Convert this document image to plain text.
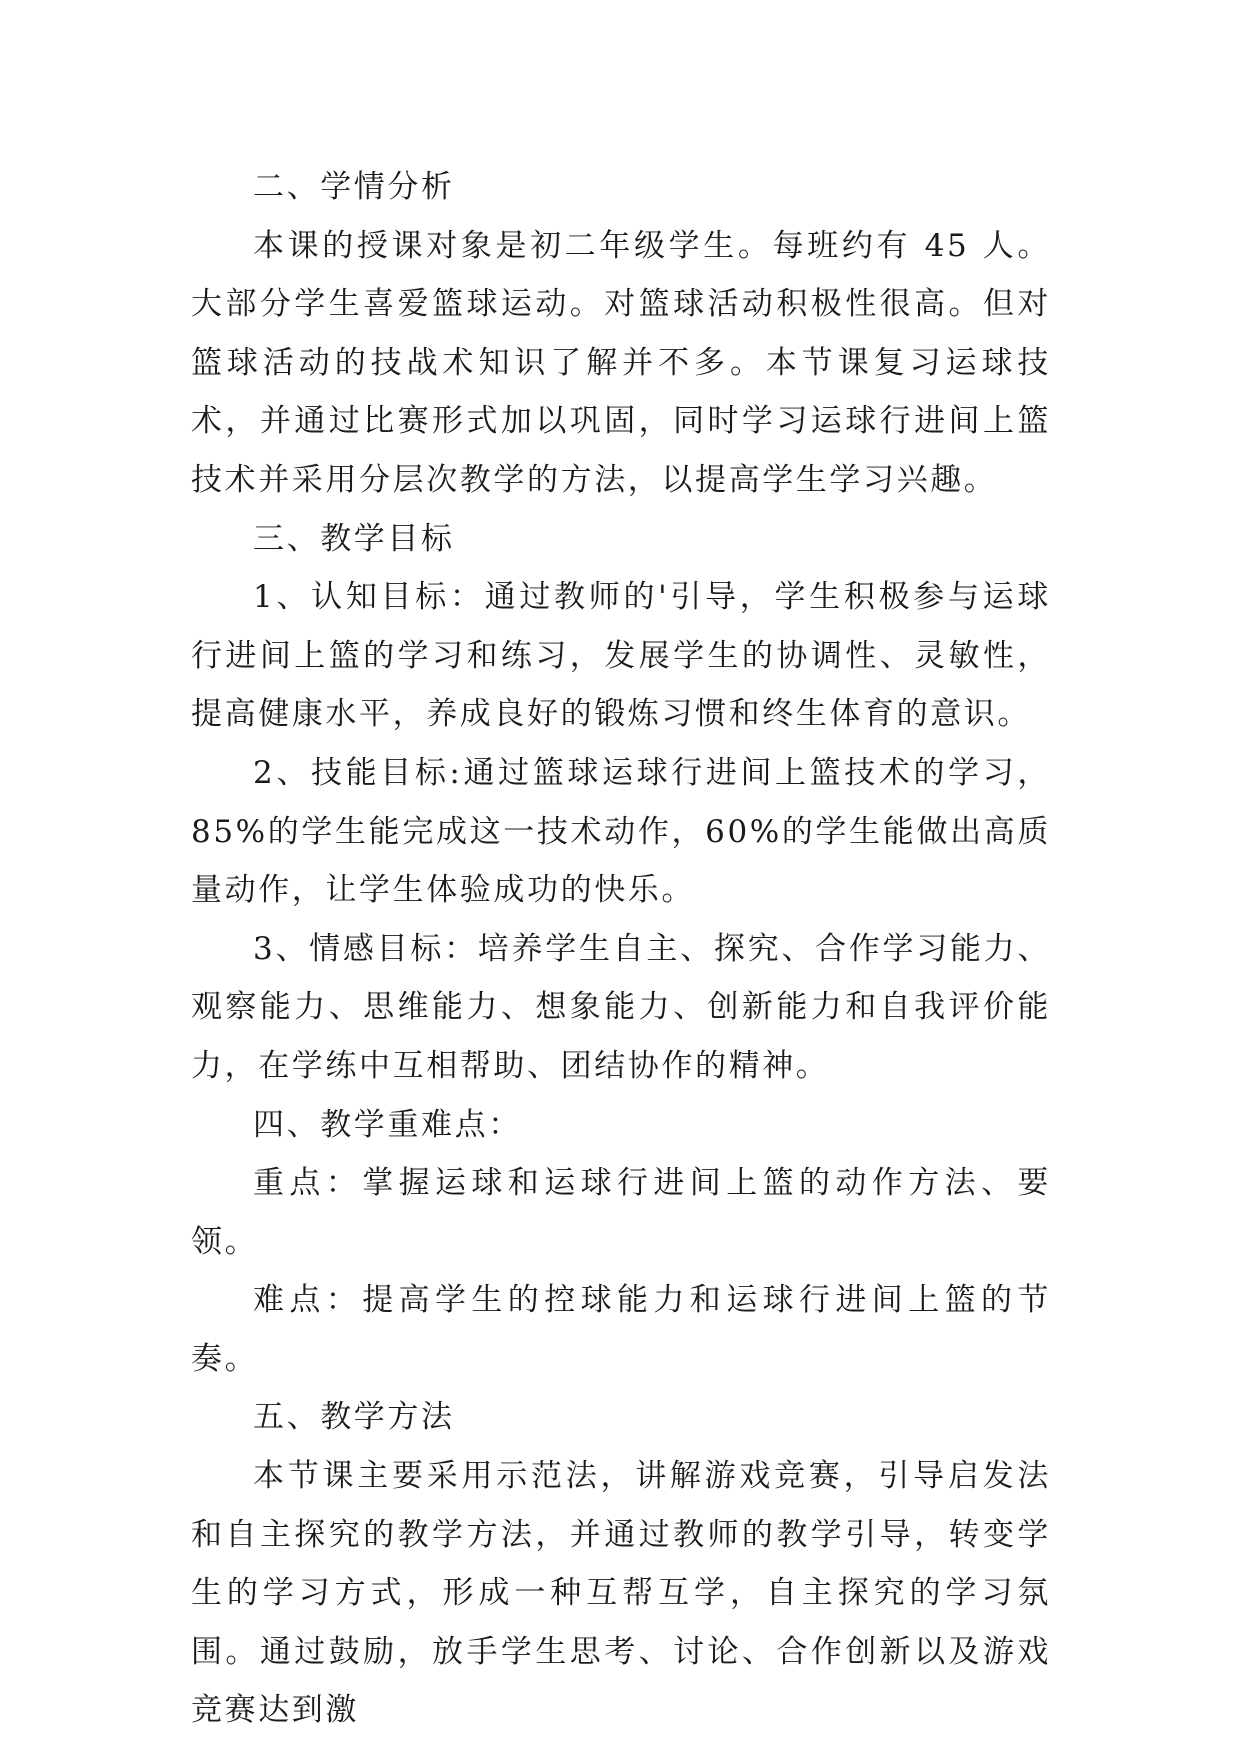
二、学情分析

本课的授课对象是初二年级学生。每班约有 45 人。大部分学生喜爱篮球运动。对篮球活动积极性很高。但对篮球活动的技战术知识了解并不多。本节课复习运球技术，并通过比赛形式加以巩固，同时学习运球行进间上篮技术并采用分层次教学的方法，以提高学生学习兴趣。

三、教学目标

1、认知目标：通过教师的'引导，学生积极参与运球行进间上篮的学习和练习，发展学生的协调性、灵敏性，提高健康水平，养成良好的锻炼习惯和终生体育的意识。

2、技能目标:通过篮球运球行进间上篮技术的学习，85%的学生能完成这一技术动作，60%的学生能做出高质量动作，让学生体验成功的快乐。

3、情感目标：培养学生自主、探究、合作学习能力、观察能力、思维能力、想象能力、创新能力和自我评价能力，在学练中互相帮助、团结协作的精神。

四、教学重难点：

重点：掌握运球和运球行进间上篮的动作方法、要领。

难点：提高学生的控球能力和运球行进间上篮的节奏。

五、教学方法

本节课主要采用示范法，讲解游戏竞赛，引导启发法和自主探究的教学方法，并通过教师的教学引导，转变学生的学习方式，形成一种互帮互学，自主探究的学习氛围。通过鼓励，放手学生思考、讨论、合作创新以及游戏竞赛达到激
